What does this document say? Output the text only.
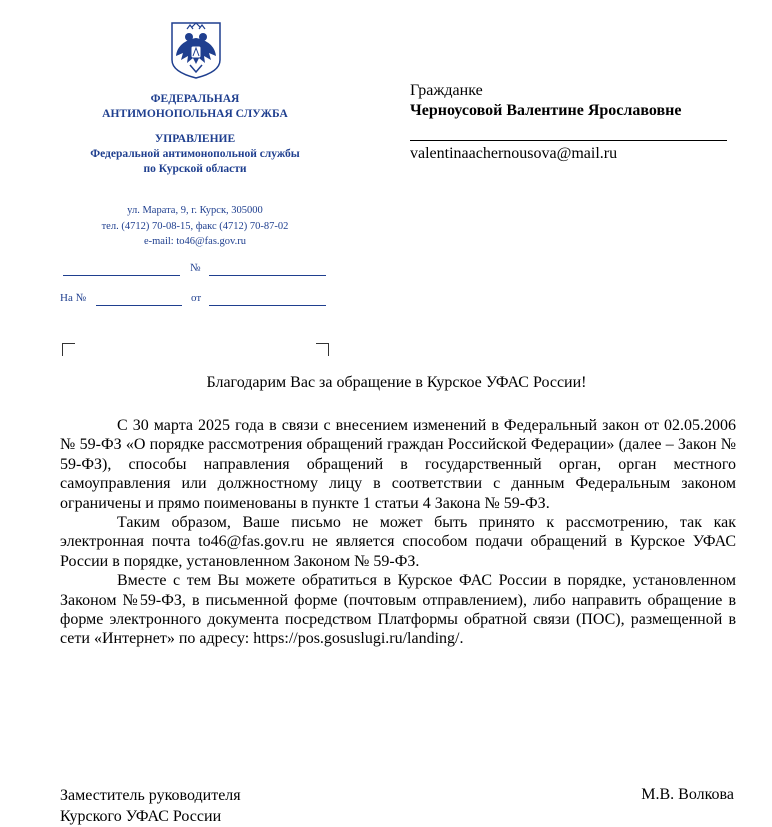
ФЕДЕРАЛЬНАЯ
АНТИМОНОПОЛЬНАЯ СЛУЖБА
УПРАВЛЕНИЕ
Федеральной антимонопольной службы
по Курской области
ул. Марата, 9, г. Курск, 305000
тел. (4712) 70-08-15, факс (4712) 70-87-02
e-mail: to46@fas.gov.ru
№
На №	от
Гражданке
Черноусовой Валентине Ярославовне
valentinaachernousova@mail.ru
Благодарим Вас за обращение в Курское УФАС России!

С 30 марта 2025 года в связи с внесением изменений в Федеральный закон от 02.05.2006 № 59-ФЗ «О порядке рассмотрения обращений граждан Российской Федерации» (далее – Закон № 59-ФЗ), способы направления обращений в государственный орган, орган местного самоуправления или должностному лицу в соответствии с данным Федеральным законом ограничены и прямо поименованы в пункте 1 статьи 4 Закона № 59-ФЗ.

Таким образом, Ваше письмо не может быть принято к рассмотрению, так как электронная почта to46@fas.gov.ru не является способом подачи обращений в Курское УФАС России в порядке, установленном Законом № 59-ФЗ.

Вместе с тем Вы можете обратиться в Курское ФАС России в порядке, установленном Законом №59-ФЗ, в письменной форме (почтовым отправлением), либо направить обращение в форме электронного документа посредством Платформы обратной связи (ПОС), размещенной в сети «Интернет» по адресу: https://pos.gosuslugi.ru/landing/.

Заместитель руководителя
Курского УФАС России
М.В. Волкова
